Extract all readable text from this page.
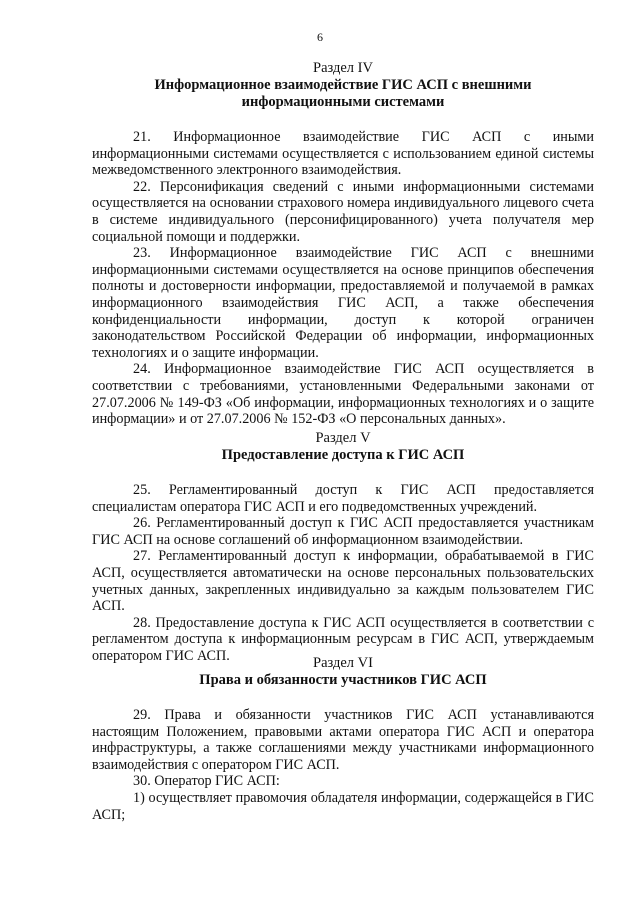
6
Раздел IV
Информационное взаимодействие ГИС АСП с внешними информационными системами

21. Информационное взаимодействие ГИС АСП с иными информационными системами осуществляется с использованием единой системы межведомственного электронного взаимодействия.

22. Персонификация сведений с иными информационными системами осуществляется на основании страхового номера индивидуального лицевого счета в системе индивидуального (персонифицированного) учета получателя мер социальной помощи и поддержки.

23. Информационное взаимодействие ГИС АСП с внешними информационными системами осуществляется на основе принципов обеспечения полноты и достоверности информации, предоставляемой и получаемой в рамках информационного взаимодействия ГИС АСП, а также обеспечения конфиденциальности информации, доступ к которой ограничен законодательством Российской Федерации об информации, информационных технологиях и о защите информации.

24. Информационное взаимодействие ГИС АСП осуществляется в соответствии с требованиями, установленными Федеральными законами от 27.07.2006 № 149-ФЗ «Об информации, информационных технологиях и о защите информации» и от 27.07.2006 № 152-ФЗ «О персональных данных».

Раздел V
Предоставление доступа к ГИС АСП

25. Регламентированный доступ к ГИС АСП предоставляется специалистам оператора ГИС АСП и его подведомственных учреждений.

26. Регламентированный доступ к ГИС АСП предоставляется участникам ГИС АСП на основе соглашений об информационном взаимодействии.

27. Регламентированный доступ к информации, обрабатываемой в ГИС АСП, осуществляется автоматически на основе персональных пользовательских учетных данных, закрепленных индивидуально за каждым пользователем ГИС АСП.

28. Предоставление доступа к ГИС АСП осуществляется в соответствии с регламентом доступа к информационным ресурсам в ГИС АСП, утверждаемым оператором ГИС АСП.	Раздел VI
Права и обязанности участников ГИС АСП

29. Права и обязанности участников ГИС АСП устанавливаются настоящим Положением, правовыми актами оператора ГИС АСП и оператора инфраструктуры, а также соглашениями между участниками информационного взаимодействия с оператором ГИС АСП.

30. Оператор ГИС АСП:

1) осуществляет правомочия обладателя информации, содержащейся в ГИС АСП;
